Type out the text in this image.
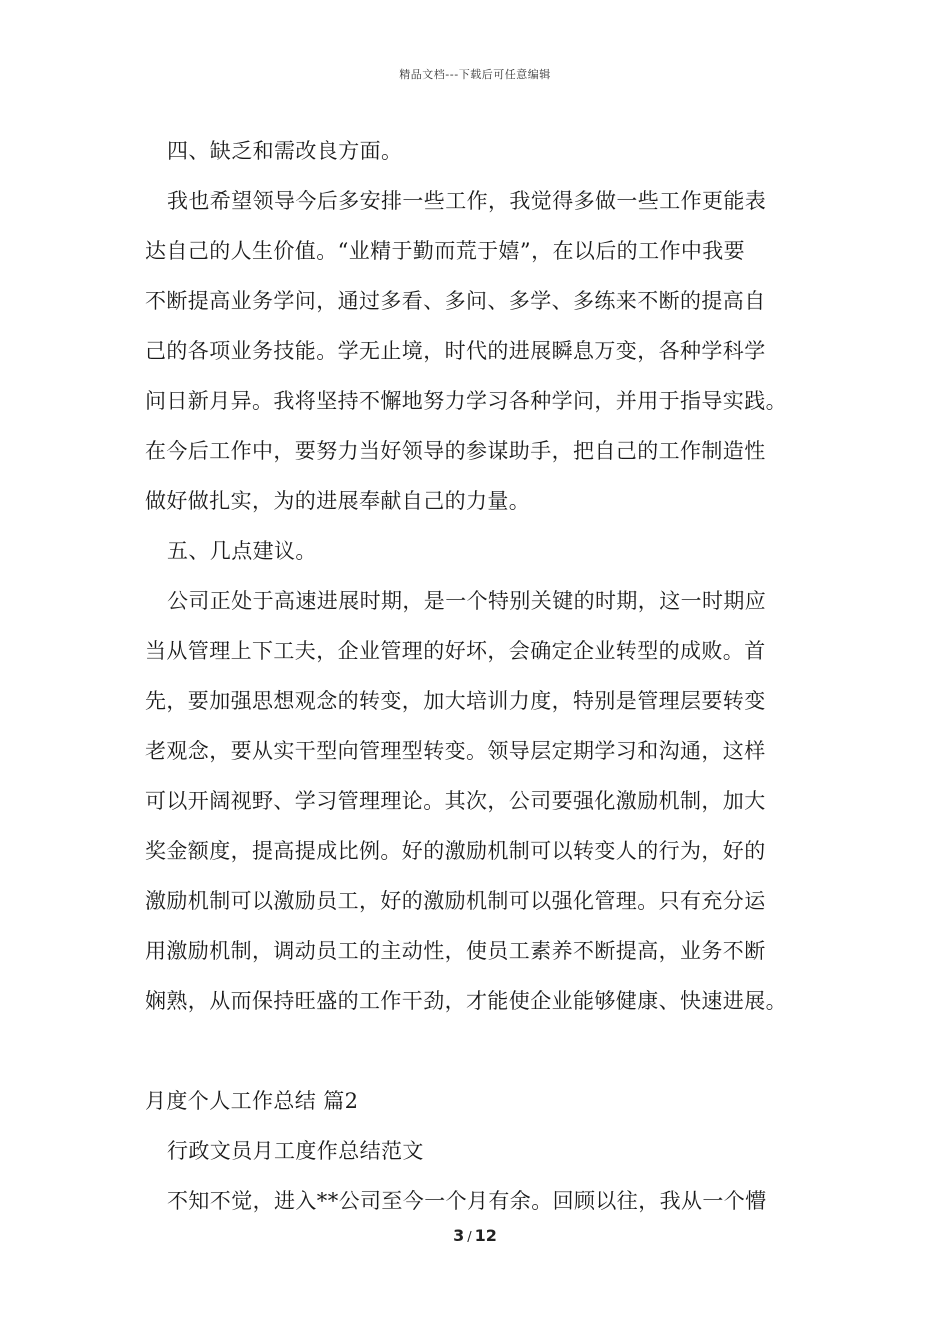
精品文档---下载后可任意编辑
四、缺乏和需改良方面。
我也希望领导今后多安排一些工作，我觉得多做一些工作更能表
达自己的人生价值。“业精于勤而荒于嬉”，在以后的工作中我要
不断提高业务学问，通过多看、多问、多学、多练来不断的提高自
己的各项业务技能。学无止境，时代的进展瞬息万变，各种学科学
问日新月异。我将坚持不懈地努力学习各种学问，并用于指导实践。
在今后工作中，要努力当好领导的参谋助手，把自己的工作制造性
做好做扎实，为的进展奉献自己的力量。
五、几点建议。
公司正处于高速进展时期，是一个特别关键的时期，这一时期应
当从管理上下工夫，企业管理的好坏，会确定企业转型的成败。首
先，要加强思想观念的转变，加大培训力度，特别是管理层要转变
老观念，要从实干型向管理型转变。领导层定期学习和沟通，这样
可以开阔视野、学习管理理论。其次，公司要强化激励机制，加大
奖金额度，提高提成比例。好的激励机制可以转变人的行为，好的
激励机制可以激励员工，好的激励机制可以强化管理。只有充分运
用激励机制，调动员工的主动性，使员工素养不断提高，业务不断
娴熟，从而保持旺盛的工作干劲，才能使企业能够健康、快速进展。
月度个人工作总结 篇2
行政文员月工度作总结范文
不知不觉，进入**公司至今一个月有余。回顾以往，我从一个懵
3 / 12
